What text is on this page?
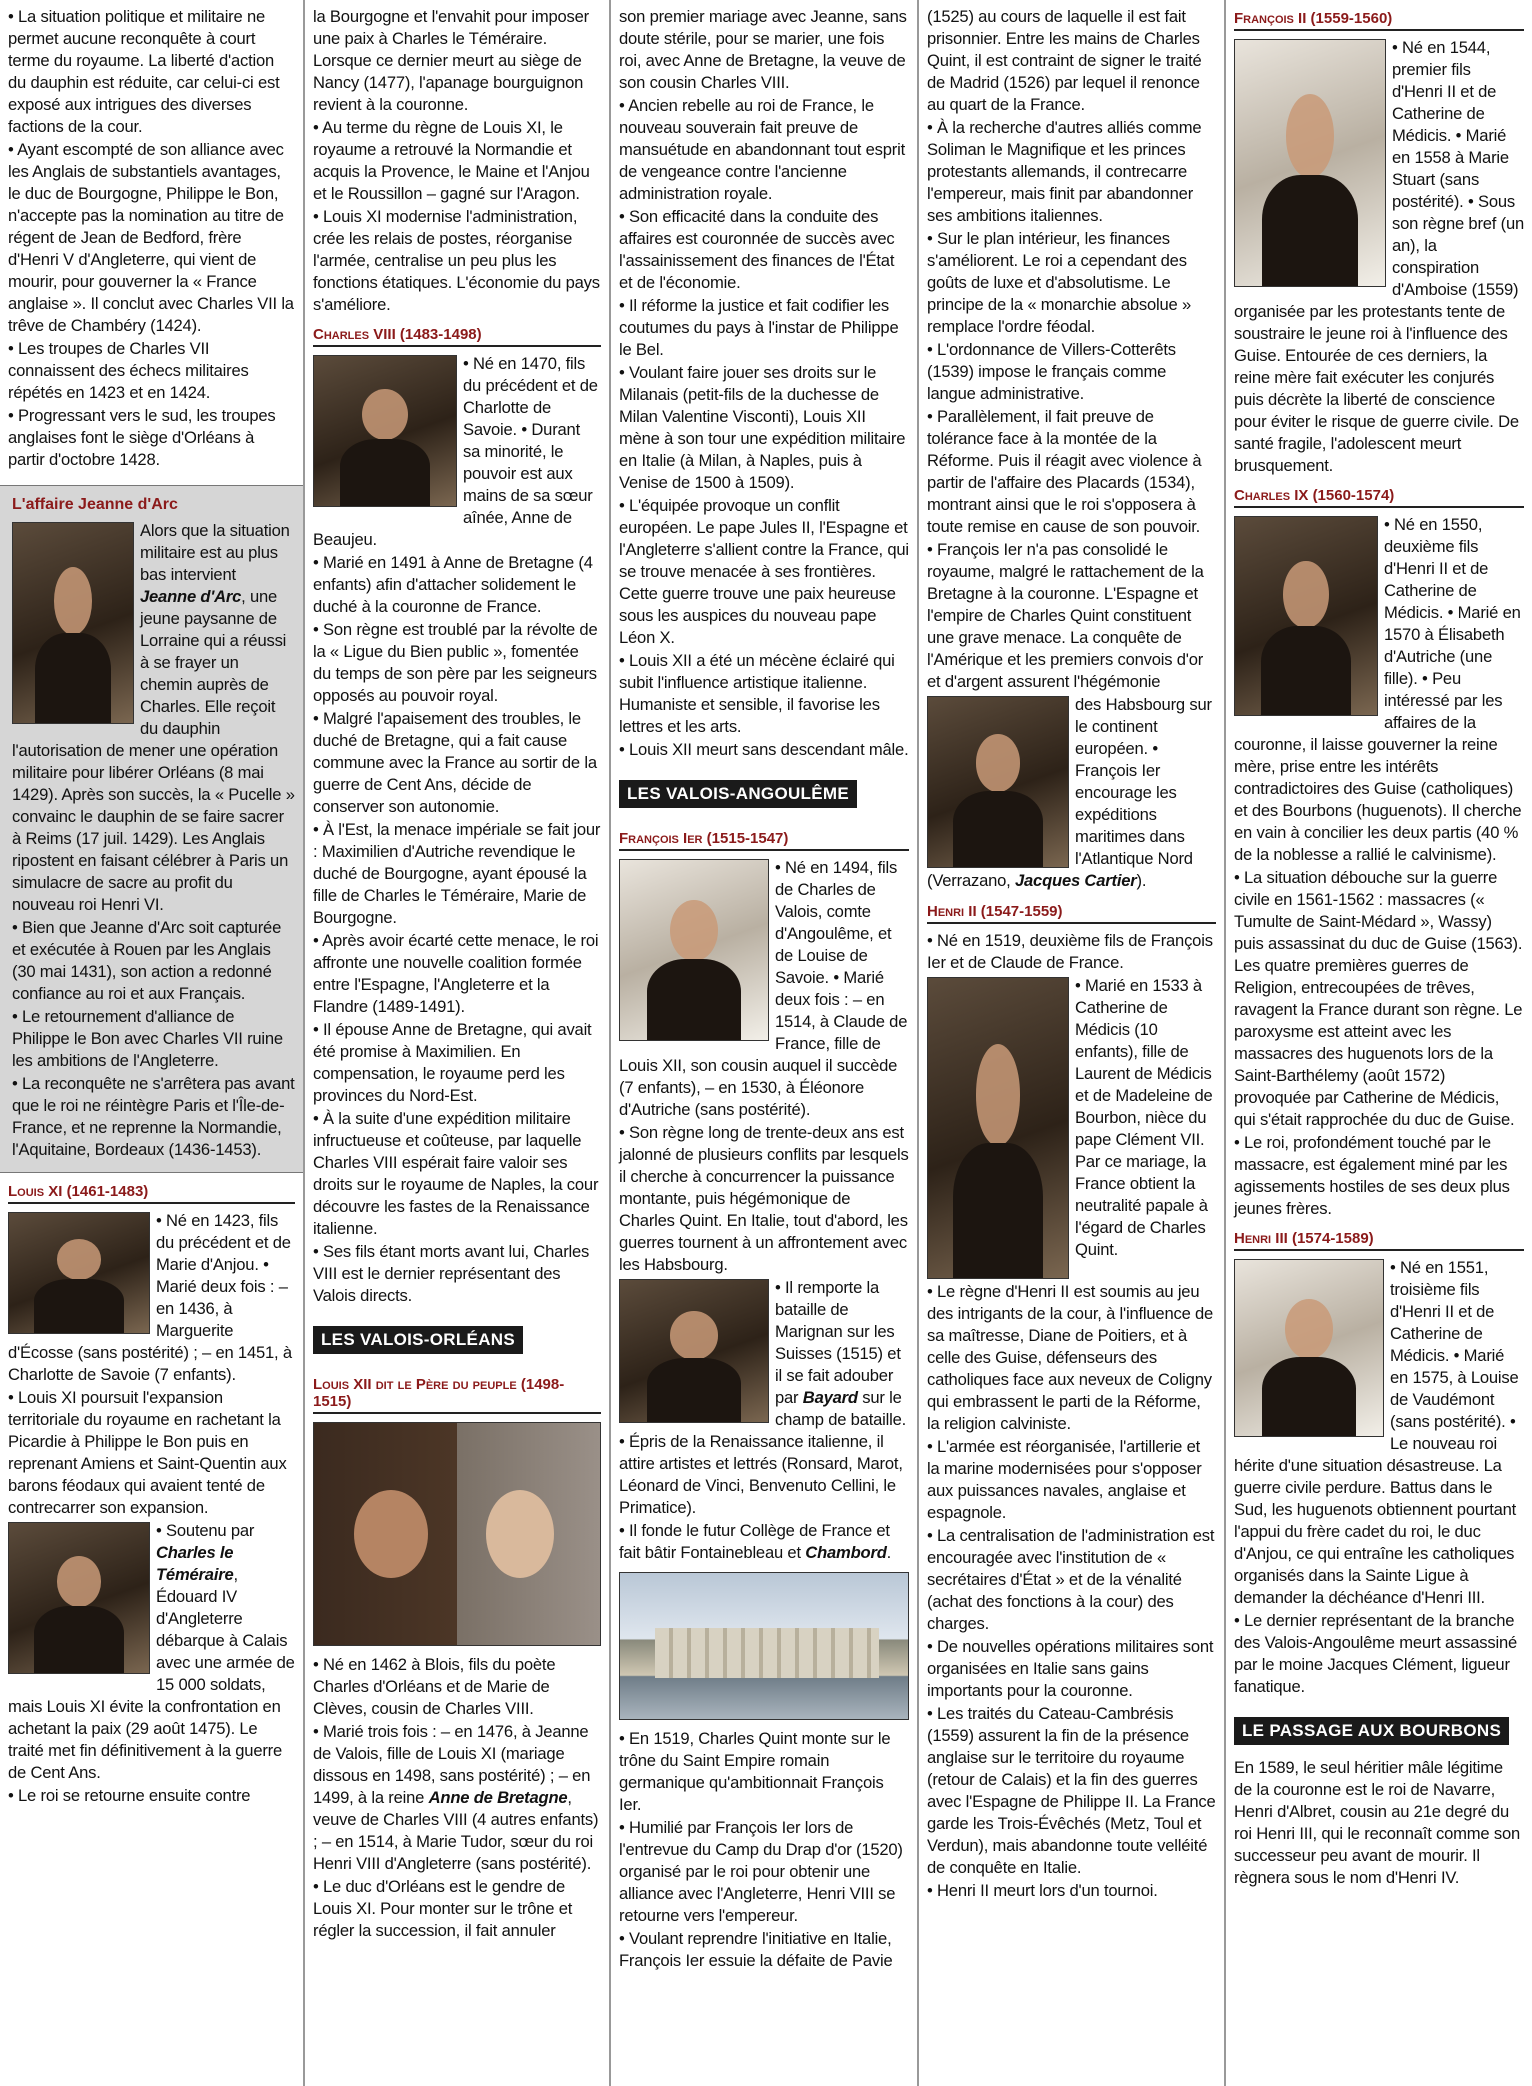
• La situation politique et militaire ne permet aucune reconquête à court terme du royaume. La liberté d'action du dauphin est réduite, car celui-ci est exposé aux intrigues des diverses factions de la cour.

• Ayant escompté de son alliance avec les Anglais de substantiels avantages, le duc de Bourgogne, Philippe le Bon, n'accepte pas la nomination au titre de régent de Jean de Bedford, frère d'Henri V d'Angleterre, qui vient de mourir, pour gouverner la « France anglaise ». Il conclut avec Charles VII la trêve de Chambéry (1424).

• Les troupes de Charles VII connaissent des échecs militaires répétés en 1423 et en 1424.

• Progressant vers le sud, les troupes anglaises font le siège d'Orléans à partir d'octobre 1428.

L'affaire Jeanne d'Arc

Alors que la situation militaire est au plus bas intervient Jeanne d'Arc, une jeune paysanne de Lorraine qui a réussi à se frayer un chemin auprès de Charles. Elle reçoit du dauphin l'autorisation de mener une opération militaire pour libérer Orléans (8 mai 1429). Après son succès, la « Pucelle » convainc le dauphin de se faire sacrer à Reims (17 juil. 1429). Les Anglais ripostent en faisant célébrer à Paris un simulacre de sacre au profit du nouveau roi Henri VI.

• Bien que Jeanne d'Arc soit capturée et exécutée à Rouen par les Anglais (30 mai 1431), son action a redonné confiance au roi et aux Français.

• Le retournement d'alliance de Philippe le Bon avec Charles VII ruine les ambitions de l'Angleterre.

• La reconquête ne s'arrêtera pas avant que le roi ne réintègre Paris et l'Île-de-France, et ne reprenne la Normandie, l'Aquitaine, Bordeaux (1436-1453).

Louis XI (1461-1483)

• Né en 1423, fils du précédent et de Marie d'Anjou. • Marié deux fois : – en 1436, à Marguerite d'Écosse (sans postérité) ; – en 1451, à Charlotte de Savoie (7 enfants).

• Louis XI poursuit l'expansion territoriale du royaume en rachetant la Picardie à Philippe le Bon puis en reprenant Amiens et Saint-Quentin aux barons féodaux qui avaient tenté de contrecarrer son expansion.

• Soutenu par Charles le Téméraire, Édouard IV d'Angleterre débarque à Calais avec une armée de 15 000 soldats, mais Louis XI évite la confrontation en achetant la paix (29 août 1475). Le traité met fin définitivement à la guerre de Cent Ans.

• Le roi se retourne ensuite contre

la Bourgogne et l'envahit pour imposer une paix à Charles le Téméraire. Lorsque ce dernier meurt au siège de Nancy (1477), l'apanage bourguignon revient à la couronne.

• Au terme du règne de Louis XI, le royaume a retrouvé la Normandie et acquis la Provence, le Maine et l'Anjou et le Roussillon – gagné sur l'Aragon.

• Louis XI modernise l'administration, crée les relais de postes, réorganise l'armée, centralise un peu plus les fonctions étatiques. L'économie du pays s'améliore.

Charles VIII (1483-1498)

• Né en 1470, fils du précédent et de Charlotte de Savoie. • Durant sa minorité, le pouvoir est aux mains de sa sœur aînée, Anne de Beaujeu.

• Marié en 1491 à Anne de Bretagne (4 enfants) afin d'attacher solidement le duché à la couronne de France.

• Son règne est troublé par la révolte de la « Ligue du Bien public », fomentée du temps de son père par les seigneurs opposés au pouvoir royal.

• Malgré l'apaisement des troubles, le duché de Bretagne, qui a fait cause commune avec la France au sortir de la guerre de Cent Ans, décide de conserver son autonomie.

• À l'Est, la menace impériale se fait jour : Maximilien d'Autriche revendique le duché de Bourgogne, ayant épousé la fille de Charles le Téméraire, Marie de Bourgogne.

• Après avoir écarté cette menace, le roi affronte une nouvelle coalition formée entre l'Espagne, l'Angleterre et la Flandre (1489-1491).

• Il épouse Anne de Bretagne, qui avait été promise à Maximilien. En compensation, le royaume perd les provinces du Nord-Est.

• À la suite d'une expédition militaire infructueuse et coûteuse, par laquelle Charles VIII espérait faire valoir ses droits sur le royaume de Naples, la cour découvre les fastes de la Renaissance italienne.

• Ses fils étant morts avant lui, Charles VIII est le dernier représentant des Valois directs.

LES VALOIS-ORLÉANS
Louis XII dit le Père du peuple (1498-1515)

• Né en 1462 à Blois, fils du poète Charles d'Orléans et de Marie de Clèves, cousin de Charles VIII.

• Marié trois fois : – en 1476, à Jeanne de Valois, fille de Louis XI (mariage dissous en 1498, sans postérité) ; – en 1499, à la reine Anne de Bretagne, veuve de Charles VIII (4 autres enfants) ; – en 1514, à Marie Tudor, sœur du roi Henri VIII d'Angleterre (sans postérité).

• Le duc d'Orléans est le gendre de Louis XI. Pour monter sur le trône et régler la succession, il fait annuler

son premier mariage avec Jeanne, sans doute stérile, pour se marier, une fois roi, avec Anne de Bretagne, la veuve de son cousin Charles VIII.

• Ancien rebelle au roi de France, le nouveau souverain fait preuve de mansuétude en abandonnant tout esprit de vengeance contre l'ancienne administration royale.

• Son efficacité dans la conduite des affaires est couronnée de succès avec l'assainissement des finances de l'État et de l'économie.

• Il réforme la justice et fait codifier les coutumes du pays à l'instar de Philippe le Bel.

• Voulant faire jouer ses droits sur le Milanais (petit-fils de la duchesse de Milan Valentine Visconti), Louis XII mène à son tour une expédition militaire en Italie (à Milan, à Naples, puis à Venise de 1500 à 1509).

• L'équipée provoque un conflit européen. Le pape Jules II, l'Espagne et l'Angleterre s'allient contre la France, qui se trouve menacée à ses frontières. Cette guerre trouve une paix heureuse sous les auspices du nouveau pape Léon X.

• Louis XII a été un mécène éclairé qui subit l'influence artistique italienne. Humaniste et sensible, il favorise les lettres et les arts.

• Louis XII meurt sans descendant mâle.

LES VALOIS-ANGOULÊME
François Ier (1515-1547)

• Né en 1494, fils de Charles de Valois, comte d'Angoulême, et de Louise de Savoie. • Marié deux fois : – en 1514, à Claude de France, fille de Louis XII, son cousin auquel il succède (7 enfants), – en 1530, à Éléonore d'Autriche (sans postérité).

• Son règne long de trente-deux ans est jalonné de plusieurs conflits par lesquels il cherche à concurrencer la puissance montante, puis hégémonique de Charles Quint. En Italie, tout d'abord, les guerres tournent à un affrontement avec les Habsbourg.

• Il remporte la bataille de Marignan sur les Suisses (1515) et il se fait adouber par Bayard sur le champ de bataille. • Épris de la Renaissance italienne, il attire artistes et lettrés (Ronsard, Marot, Léonard de Vinci, Benvenuto Cellini, le Primatice).

• Il fonde le futur Collège de France et fait bâtir Fontainebleau et Chambord.

• En 1519, Charles Quint monte sur le trône du Saint Empire romain germanique qu'ambitionnait François Ier.

• Humilié par François Ier lors de l'entrevue du Camp du Drap d'or (1520) organisé par le roi pour obtenir une alliance avec l'Angleterre, Henri VIII se retourne vers l'empereur.

• Voulant reprendre l'initiative en Italie, François Ier essuie la défaite de Pavie

(1525) au cours de laquelle il est fait prisonnier. Entre les mains de Charles Quint, il est contraint de signer le traité de Madrid (1526) par lequel il renonce au quart de la France.

• À la recherche d'autres alliés comme Soliman le Magnifique et les princes protestants allemands, il contrecarre l'empereur, mais finit par abandonner ses ambitions italiennes.

• Sur le plan intérieur, les finances s'améliorent. Le roi a cependant des goûts de luxe et d'absolutisme. Le principe de la « monarchie absolue » remplace l'ordre féodal.

• L'ordonnance de Villers-Cotterêts (1539) impose le français comme langue administrative.

• Parallèlement, il fait preuve de tolérance face à la montée de la Réforme. Puis il réagit avec violence à partir de l'affaire des Placards (1534), montrant ainsi que le roi s'opposera à toute remise en cause de son pouvoir.

• François Ier n'a pas consolidé le royaume, malgré le rattachement de la Bretagne à la couronne. L'Espagne et l'empire de Charles Quint constituent une grave menace. La conquête de l'Amérique et les premiers convois d'or et d'argent assurent l'hégémonie

des Habsbourg sur le continent européen. • François Ier encourage les expéditions maritimes dans l'Atlantique Nord (Verrazano, Jacques Cartier).

Henri II (1547-1559)

• Né en 1519, deuxième fils de François Ier et de Claude de France.

• Marié en 1533 à Catherine de Médicis (10 enfants), fille de Laurent de Médicis et de Madeleine de Bourbon, nièce du pape Clément VII. Par ce mariage, la France obtient la neutralité papale à l'égard de Charles Quint.

• Le règne d'Henri II est soumis au jeu des intrigants de la cour, à l'influence de sa maîtresse, Diane de Poitiers, et à celle des Guise, défenseurs des catholiques face aux neveux de Coligny qui embrassent le parti de la Réforme, la religion calviniste.

• L'armée est réorganisée, l'artillerie et la marine modernisées pour s'opposer aux puissances navales, anglaise et espagnole.

• La centralisation de l'administration est encouragée avec l'institution de « secrétaires d'État » et de la vénalité (achat des fonctions à la cour) des charges.

• De nouvelles opérations militaires sont organisées en Italie sans gains importants pour la couronne.

• Les traités du Cateau-Cambrésis (1559) assurent la fin de la présence anglaise sur le territoire du royaume (retour de Calais) et la fin des guerres avec l'Espagne de Philippe II. La France garde les Trois-Évêchés (Metz, Toul et Verdun), mais abandonne toute velléité de conquête en Italie.

• Henri II meurt lors d'un tournoi.

François II (1559-1560)

• Né en 1544, premier fils d'Henri II et de Catherine de Médicis. • Marié en 1558 à Marie Stuart (sans postérité). • Sous son règne bref (un an), la conspiration d'Amboise (1559) organisée par les protestants tente de soustraire le jeune roi à l'influence des Guise. Entourée de ces derniers, la reine mère fait exécuter les conjurés puis décrète la liberté de conscience pour éviter le risque de guerre civile. De santé fragile, l'adolescent meurt brusquement.

Charles IX (1560-1574)

• Né en 1550, deuxième fils d'Henri II et de Catherine de Médicis. • Marié en 1570 à Élisabeth d'Autriche (une fille). • Peu intéressé par les affaires de la couronne, il laisse gouverner la reine mère, prise entre les intérêts contradictoires des Guise (catholiques) et des Bourbons (huguenots). Il cherche en vain à concilier les deux partis (40 % de la noblesse a rallié le calvinisme).

• La situation débouche sur la guerre civile en 1561-1562 : massacres (« Tumulte de Saint-Médard », Wassy) puis assassinat du duc de Guise (1563). Les quatre premières guerres de Religion, entrecoupées de trêves, ravagent la France durant son règne. Le paroxysme est atteint avec les massacres des huguenots lors de la Saint-Barthélemy (août 1572) provoquée par Catherine de Médicis, qui s'était rapprochée du duc de Guise.

• Le roi, profondément touché par le massacre, est également miné par les agissements hostiles de ses deux plus jeunes frères.

Henri III (1574-1589)

• Né en 1551, troisième fils d'Henri II et de Catherine de Médicis. • Marié en 1575, à Louise de Vaudémont (sans postérité). • Le nouveau roi hérite d'une situation désastreuse. La guerre civile perdure. Battus dans le Sud, les huguenots obtiennent pourtant l'appui du frère cadet du roi, le duc d'Anjou, ce qui entraîne les catholiques organisés dans la Sainte Ligue à demander la déchéance d'Henri III.

• Le dernier représentant de la branche des Valois-Angoulême meurt assassiné par le moine Jacques Clément, ligueur fanatique.

LE PASSAGE AUX BOURBONS

En 1589, le seul héritier mâle légitime de la couronne est le roi de Navarre, Henri d'Albret, cousin au 21e degré du roi Henri III, qui le reconnaît comme son successeur peu avant de mourir. Il règnera sous le nom d'Henri IV.
